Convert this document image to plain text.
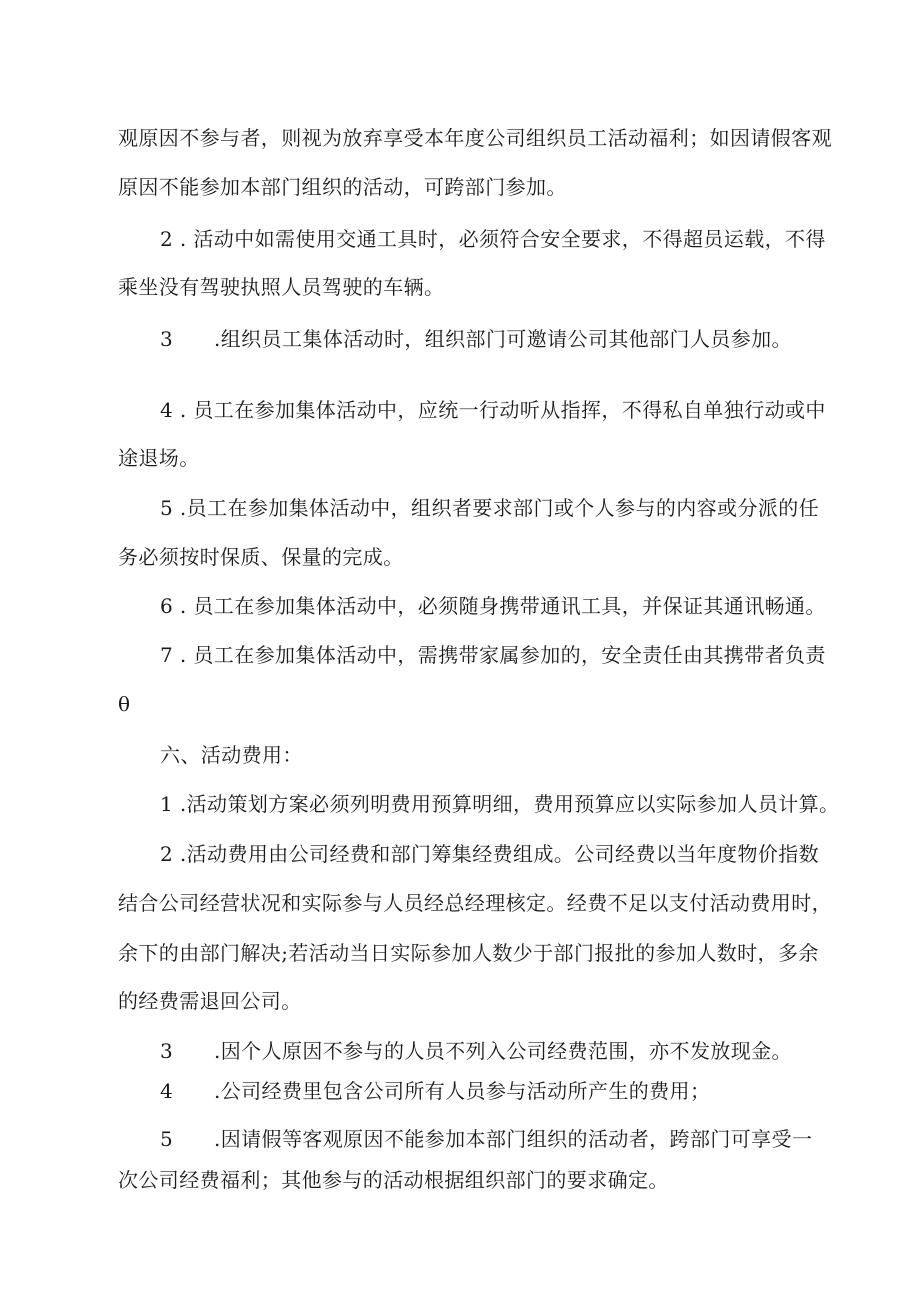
观原因不参与者，则视为放弃享受本年度公司组织员工活动福利；如因请假客观
原因不能参加本部门组织的活动，可跨部门参加。
2 . 活动中如需使用交通工具时，必须符合安全要求，不得超员运载，不得
乘坐没有驾驶执照人员驾驶的车辆。
3 .组织员工集体活动时，组织部门可邀请公司其他部门人员参加。
4 . 员工在参加集体活动中，应统一行动听从指挥，不得私自单独行动或中
途退场。
5 .员工在参加集体活动中，组织者要求部门或个人参与的内容或分派的任
务必须按时保质、保量的完成。
6 . 员工在参加集体活动中，必须随身携带通讯工具，并保证其通讯畅通。
7 . 员工在参加集体活动中，需携带家属参加的，安全责任由其携带者负责
θ
六、活动费用：
1 .活动策划方案必须列明费用预算明细，费用预算应以实际参加人员计算。
2 .活动费用由公司经费和部门筹集经费组成。公司经费以当年度物价指数
结合公司经营状况和实际参与人员经总经理核定。经费不足以支付活动费用时，
余下的由部门解决;若活动当日实际参加人数少于部门报批的参加人数时，多余
的经费需退回公司。
3 .因个人原因不参与的人员不列入公司经费范围，亦不发放现金。
4 .公司经费里包含公司所有人员参与活动所产生的费用；
5 .因请假等客观原因不能参加本部门组织的活动者，跨部门可享受一
次公司经费福利；其他参与的活动根据组织部门的要求确定。
